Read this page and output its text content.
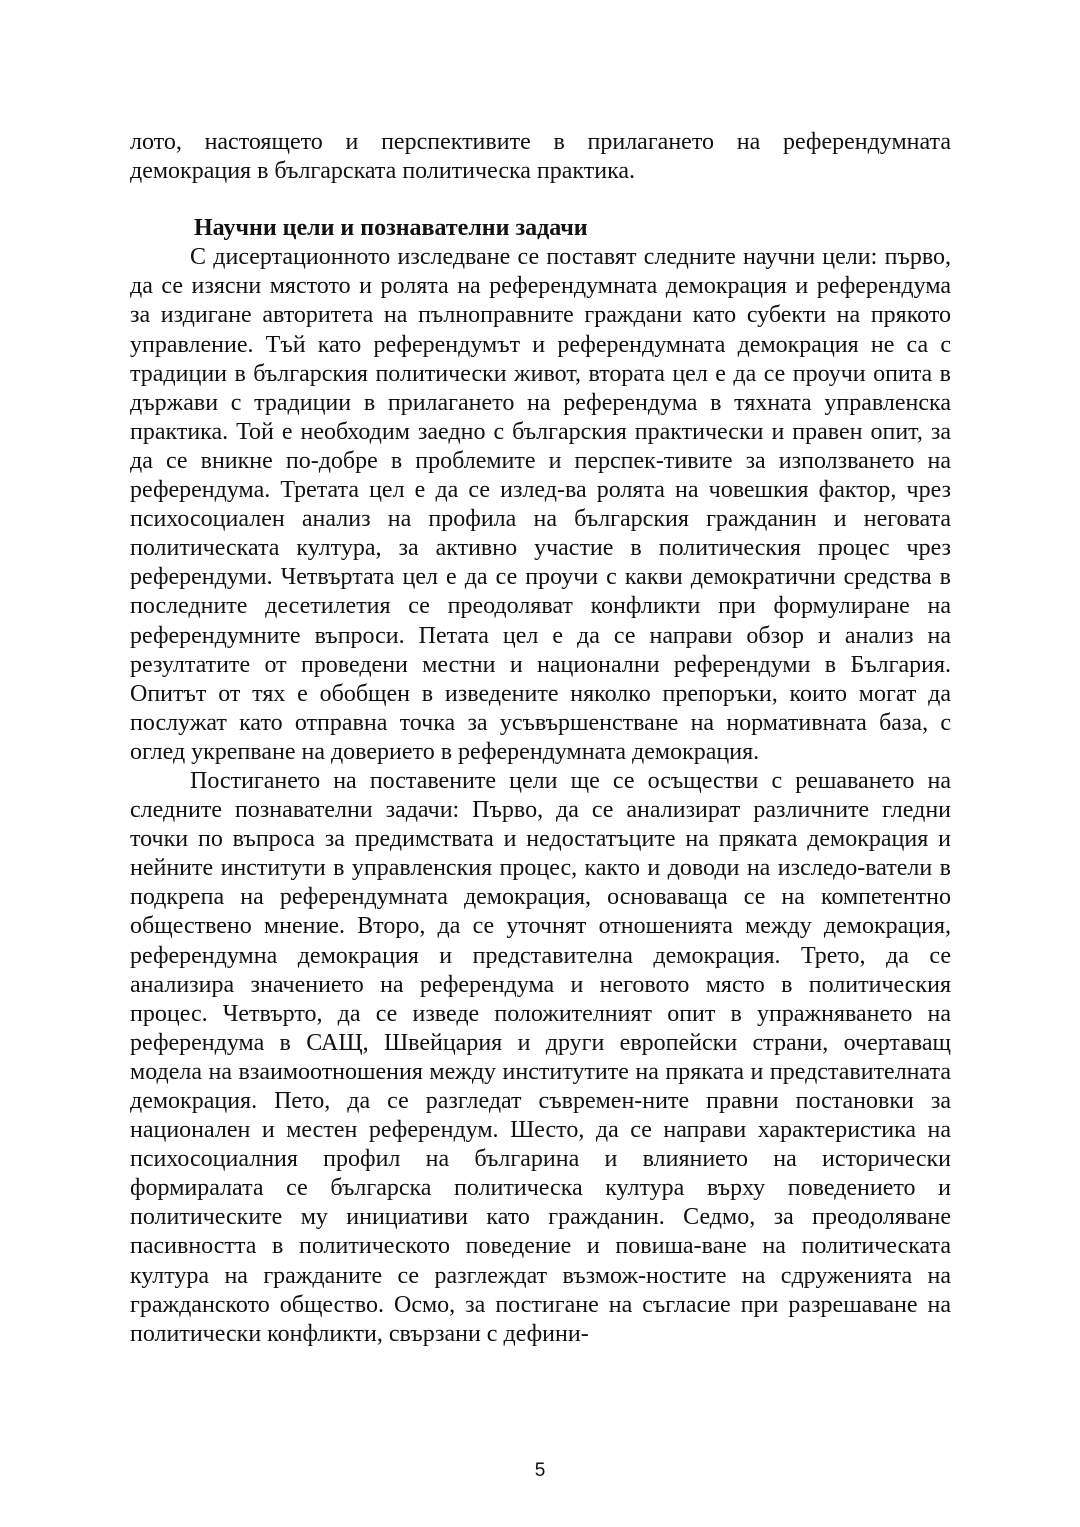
лото, настоящето и перспективите в прилагането на референдумната демокрация в българската политическа практика.

Научни цели и познавателни задачи

С дисертационното изследване се поставят следните научни цели: първо, да се изясни мястото и ролята на референдумната демокрация и референдума за издигане авторитета на пълноправните граждани като субекти на прякото управление. Тъй като референдумът и референдумната демокрация не са с традиции в българския политически живот, втората цел е да се проучи опита в държави с традиции в прилагането на референдума в тяхната управленска практика. Той е необходим заедно с българския практически и правен опит, за да се вникне по-добре в проблемите и перспек-тивите за използването на референдума. Третата цел е да се излед-ва ролята на човешкия фактор, чрез психосоциален анализ на профила на българския гражданин и неговата политическата култура, за активно участие в политическия процес чрез референдуми. Четвъртата цел е да се проучи с какви демократични средства в последните десетилетия се преодоляват конфликти при формулиране на референдумните въпроси. Петата цел е да се направи обзор и анализ на резултатите от проведени местни и национални референдуми в България. Опитът от тях е обобщен в изведените няколко препоръки, които могат да послужат като отправна точка за усъвършенстване на нормативната база, с оглед укрепване на доверието в референдумната демокрация.

Постигането на поставените цели ще се осъществи с решаването на следните познавателни задачи: Първо, да се анализират различните гледни точки по въпроса за предимствата и недостатъците на пряката демокрация и нейните институти в управленския процес, както и доводи на изследо-ватели в подкрепа на референдумната демокрация, основаваща се на компетентно обществено мнение. Второ, да се уточнят отношенията между демокрация, референдумна демокрация и представителна демокрация. Трето, да се анализира значението на референдума и неговото място в политическия процес. Четвърто, да се изведе положителният опит в упражняването на референдума в САЩ, Швейцария и други европейски страни, очертаващ модела на взаимоотношения между институтите на пряката и представителната демокрация. Пето, да се разгледат съвремен-ните правни постановки за национален и местен референдум. Шесто, да се направи характеристика на психосоциалния профил на българина и влиянието на исторически формиралата се българска политическа култура върху поведението и политическите му инициативи като гражданин. Седмо, за преодоляване пасивността в политическото поведение и повиша-ване на политическата култура на гражданите се разглеждат възмож-ностите на сдруженията на гражданското общество. Осмо, за постигане на съгласие при разрешаване на политически конфликти, свързани с дефини-

5
